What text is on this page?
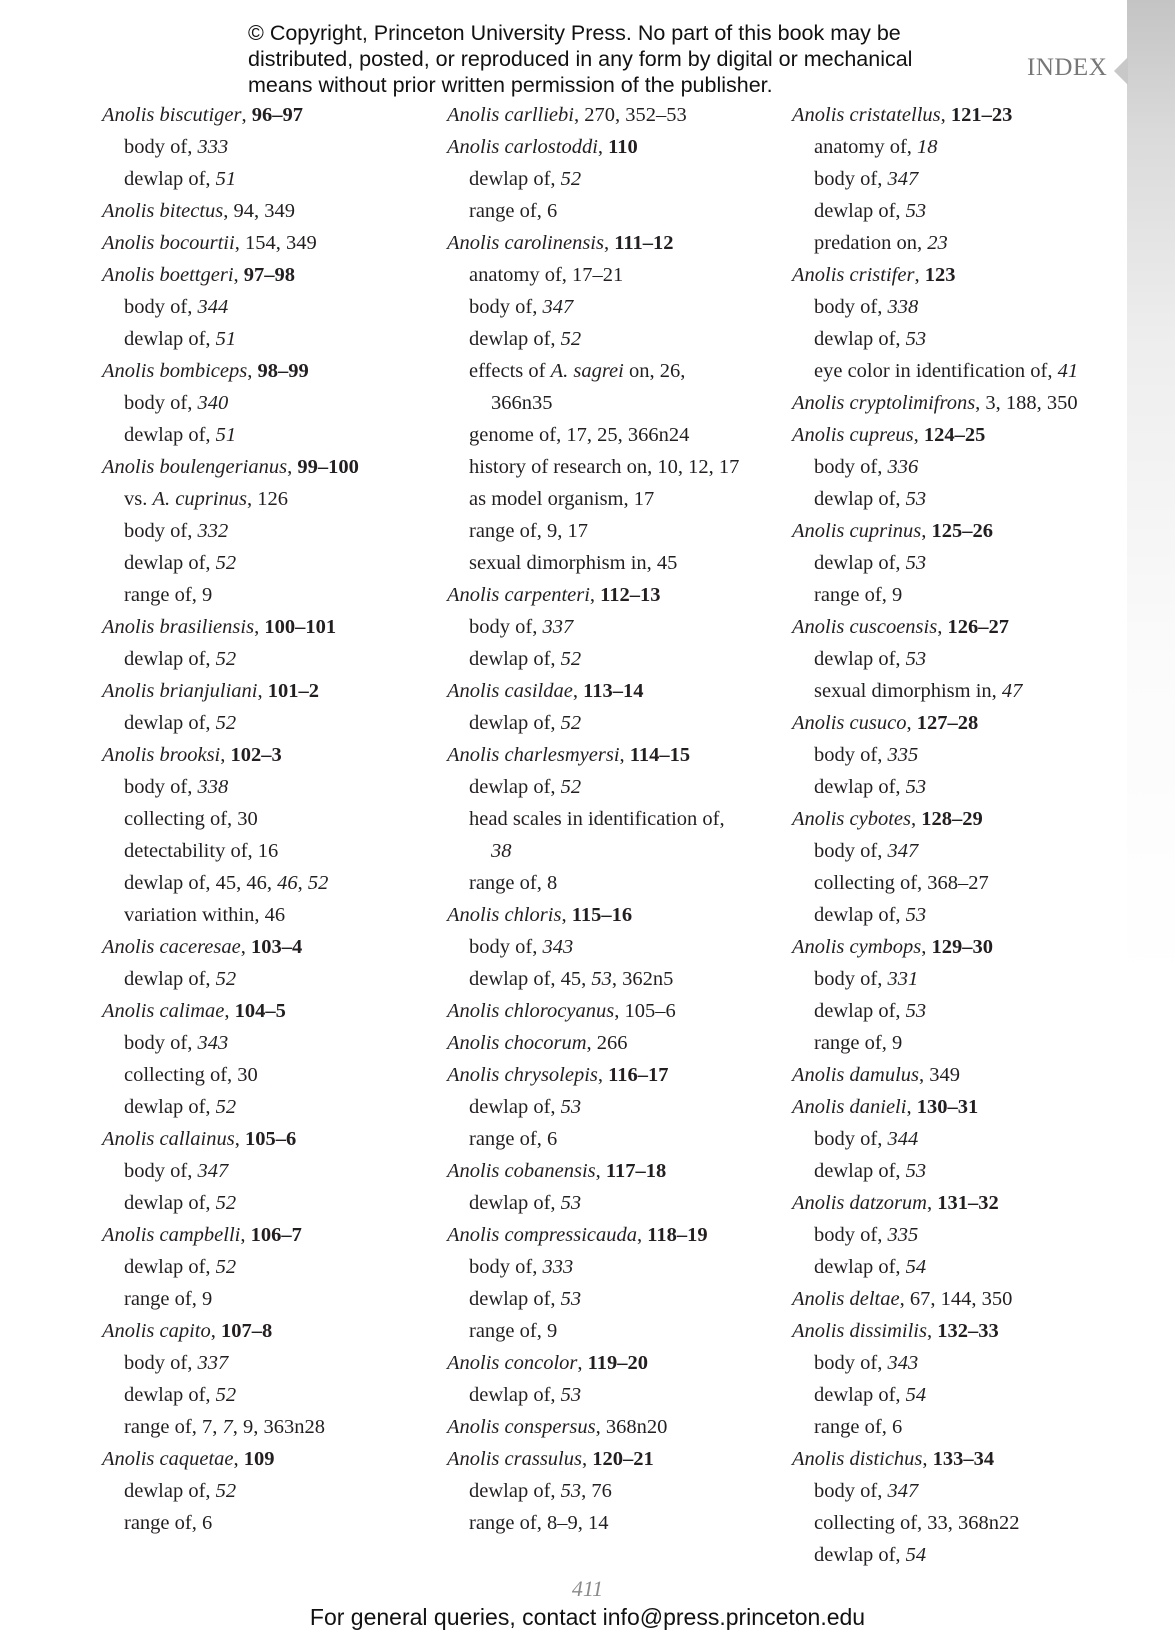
© Copyright, Princeton University Press. No part of this book may be
distributed, posted, or reproduced in any form by digital or mechanical
means without prior written permission of the publisher.
INDEX
Anolis biscutiger, 96–97
body of, 333
dewlap of, 51
Anolis bitectus, 94, 349
Anolis bocourtii, 154, 349
Anolis boettgeri, 97–98
body of, 344
dewlap of, 51
Anolis bombiceps, 98–99
body of, 340
dewlap of, 51
Anolis boulengerianus, 99–100
vs. A. cuprinus, 126
body of, 332
dewlap of, 52
range of, 9
Anolis brasiliensis, 100–101
dewlap of, 52
Anolis brianjuliani, 101–2
dewlap of, 52
Anolis brooksi, 102–3
body of, 338
collecting of, 30
detectability of, 16
dewlap of, 45, 46, 46, 52
variation within, 46
Anolis caceresae, 103–4
dewlap of, 52
Anolis calimae, 104–5
body of, 343
collecting of, 30
dewlap of, 52
Anolis callainus, 105–6
body of, 347
dewlap of, 52
Anolis campbelli, 106–7
dewlap of, 52
range of, 9
Anolis capito, 107–8
body of, 337
dewlap of, 52
range of, 7, 7, 9, 363n28
Anolis caquetae, 109
dewlap of, 52
range of, 6
Anolis carlliebi, 270, 352–53
Anolis carlostoddi, 110
dewlap of, 52
range of, 6
Anolis carolinensis, 111–12
anatomy of, 17–21
body of, 347
dewlap of, 52
effects of A. sagrei on, 26,
366n35
genome of, 17, 25, 366n24
history of research on, 10, 12, 17
as model organism, 17
range of, 9, 17
sexual dimorphism in, 45
Anolis carpenteri, 112–13
body of, 337
dewlap of, 52
Anolis casildae, 113–14
dewlap of, 52
Anolis charlesmyersi, 114–15
dewlap of, 52
head scales in identification of,
38
range of, 8
Anolis chloris, 115–16
body of, 343
dewlap of, 45, 53, 362n5
Anolis chlorocyanus, 105–6
Anolis chocorum, 266
Anolis chrysolepis, 116–17
dewlap of, 53
range of, 6
Anolis cobanensis, 117–18
dewlap of, 53
Anolis compressicauda, 118–19
body of, 333
dewlap of, 53
range of, 9
Anolis concolor, 119–20
dewlap of, 53
Anolis conspersus, 368n20
Anolis crassulus, 120–21
dewlap of, 53, 76
range of, 8–9, 14
Anolis cristatellus, 121–23
anatomy of, 18
body of, 347
dewlap of, 53
predation on, 23
Anolis cristifer, 123
body of, 338
dewlap of, 53
eye color in identification of, 41
Anolis cryptolimifrons, 3, 188, 350
Anolis cupreus, 124–25
body of, 336
dewlap of, 53
Anolis cuprinus, 125–26
dewlap of, 53
range of, 9
Anolis cuscoensis, 126–27
dewlap of, 53
sexual dimorphism in, 47
Anolis cusuco, 127–28
body of, 335
dewlap of, 53
Anolis cybotes, 128–29
body of, 347
collecting of, 368–27
dewlap of, 53
Anolis cymbops, 129–30
body of, 331
dewlap of, 53
range of, 9
Anolis damulus, 349
Anolis danieli, 130–31
body of, 344
dewlap of, 53
Anolis datzorum, 131–32
body of, 335
dewlap of, 54
Anolis deltae, 67, 144, 350
Anolis dissimilis, 132–33
body of, 343
dewlap of, 54
range of, 6
Anolis distichus, 133–34
body of, 347
collecting of, 33, 368n22
dewlap of, 54
411
For general queries, contact info@press.princeton.edu
